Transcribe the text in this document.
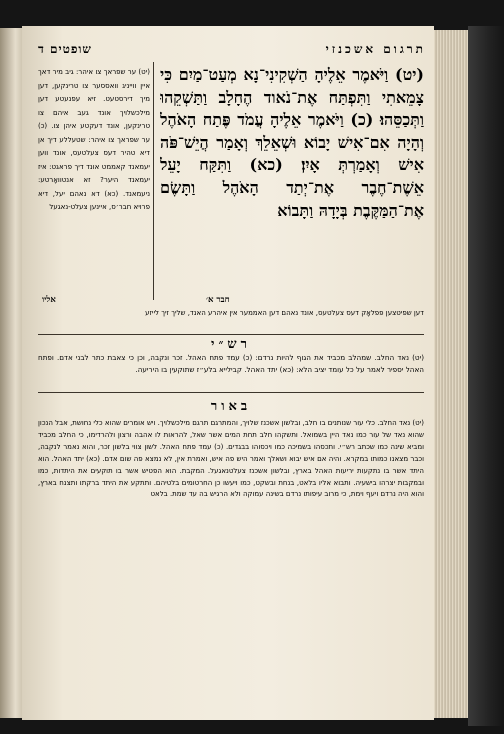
תרגום אשכנזי
שופטים ד
(יט) ער שפראך צו איהר: גיב מיר דאך איין ווייניג וואססער צו טרינקען, דען מיך דירסטעט. זיא עפנעטע דען מילכשלויך אונד געב איהם צו טרינקען, אונד דעקטע איהן צו. (כ) ער שפראך צו איהר: שטעללע דיך אן דיא טהיר דעס צעלטעס, אונד ווען יעמאנד קאממט אונד דיך פראגט: איז יעמאנד היער? זא אנטוואָרטע: ניעמאנד. (כא) דא נאהם יעל, דיא פרויא חבר׳ס, איינען צעלט-נאגעל
(יט) וַיֹּאמֶר אֵלֶיהָ הַשְׁקִינִי־נָא מְעַט־מַיִם כִּי צָמֵאתִי וַתִּפְתַּח אֶת־נֹאוד הֶחָלָב וַתַּשְׁקֵהוּ וַתְּכַסֵּהוּ׃ (כ) וַיֹּאמֶר אֵלֶיהָ עֲמֹד פֶּתַח הָאֹהֶל וְהָיָה אִם־אִישׁ יָבוֹא וּשְׁאֵלֵךְ וְאָמַר הֲיֵשׁ־פֹּה אִישׁ וְאָמַרְתְּ אָיִן׃ (כא) וַתִּקַּח יָעֵל אֵשֶׁת־חֶבֶר אֶת־יְתַד הָאֹהֶל וַתָּשֶׂם אֶת־הַמַּקֶּבֶת בְּיָדָהּ וַתָּבוֹא
אליו	חבר א׳
דען שפיטצען פפלאָק דעס צעלטעס, אונד נאהם דען האממער אין איהרע האנד, שליך זיך לייזע
רש״י
(יט) נאד החלב. שמהלב מכביד את הגוף להיות נרדם: (כ) עמד פתח האהל. זכר ונקבה, וכן כי צאבת כתר לבני אדם. ופתח האהל יספיר לאמר על כל עומד יציב הלא: (כא) יתד האהל. קבילייא בלע״ז שתוקעין בו היריעה.
באור
(יט) נאד החלב. כלי עור שנותנים בו חלב, ובלשון אשכנז שלויך, והמתרגם תרגם מילכשלויך. ויש אומרים שהוא כלי נחושת, אבל הנכון שהוא נאד של עור כמו נאד היין בשמואל. ותשקהו חלב תחת המים אשר שאל, להראות לו אהבה ורצון ולהרדימו, כי החלב מכביד ומביא שינה כמו שכתב רש״י. ותכסהו בשמיכה כמו ויכסוהו בבגדים. (כ) עמד פתח האהל. לשון צווי בלשון זכר, והוא נאמר לנקבה, וכבר מצאנו כמותו במקרא. והיה אם איש יבוא ושאלך ואמר היש פה איש, ואמרת אין, לא נמצא פה שום אדם. (כא) יתד האהל. הוא היתד אשר בו נתקעות יריעות האהל בארץ, ובלשון אשכנז צעלטנאגעל. המקבת. הוא הפטיש אשר בו תוקעים את היתדות, כמו ובמקבות יצרהו בישעיה. ותבוא אליו בלאט, בנחת ובשקט, כמו ויעשו כן החרטומים בלטיהם. ותתקע את היתד ברקתו ותצנח בארץ, והוא היה נרדם ויעף וימת, כי מרוב עיפותו נרדם בשינה עמוקה ולא הרגיש בה עד שמת. בלאט
